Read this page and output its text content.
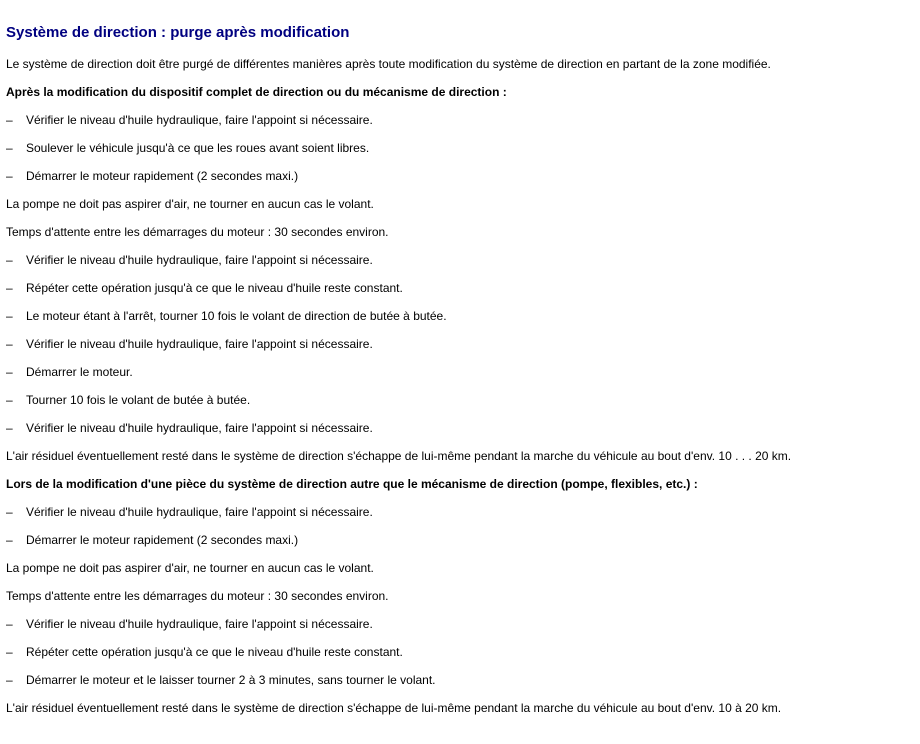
Système de direction : purge après modification
Le système de direction doit être purgé de différentes manières après toute modification du système de direction en partant de la zone modifiée.
Après la modification du dispositif complet de direction ou du mécanisme de direction :
– Vérifier le niveau d'huile hydraulique, faire l'appoint si nécessaire.
– Soulever le véhicule jusqu'à ce que les roues avant soient libres.
– Démarrer le moteur rapidement (2 secondes maxi.)
La pompe ne doit pas aspirer d'air, ne tourner en aucun cas le volant.
Temps d'attente entre les démarrages du moteur : 30 secondes environ.
– Vérifier le niveau d'huile hydraulique, faire l'appoint si nécessaire.
– Répéter cette opération jusqu'à ce que le niveau d'huile reste constant.
– Le moteur étant à l'arrêt, tourner 10 fois le volant de direction de butée à butée.
– Vérifier le niveau d'huile hydraulique, faire l'appoint si nécessaire.
– Démarrer le moteur.
– Tourner 10 fois le volant de butée à butée.
– Vérifier le niveau d'huile hydraulique, faire l'appoint si nécessaire.
L'air résiduel éventuellement resté dans le système de direction s'échappe de lui-même pendant la marche du véhicule au bout d'env. 10 . . . 20 km.
Lors de la modification d'une pièce du système de direction autre que le mécanisme de direction (pompe, flexibles, etc.) :
– Vérifier le niveau d'huile hydraulique, faire l'appoint si nécessaire.
– Démarrer le moteur rapidement (2 secondes maxi.)
La pompe ne doit pas aspirer d'air, ne tourner en aucun cas le volant.
Temps d'attente entre les démarrages du moteur : 30 secondes environ.
– Vérifier le niveau d'huile hydraulique, faire l'appoint si nécessaire.
– Répéter cette opération jusqu'à ce que le niveau d'huile reste constant.
– Démarrer le moteur et le laisser tourner 2 à 3 minutes, sans tourner le volant.
L'air résiduel éventuellement resté dans le système de direction s'échappe de lui-même pendant la marche du véhicule au bout d'env. 10 à 20 km.
